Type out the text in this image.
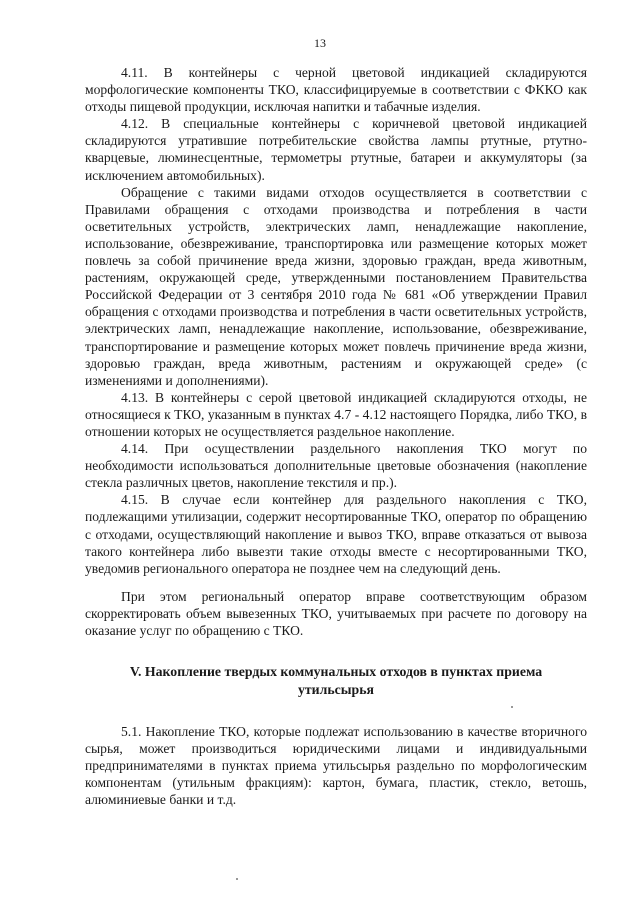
13

4.11. В контейнеры с черной цветовой индикацией складируются морфологические компоненты ТКО, классифицируемые в соответствии с ФККО как отходы пищевой продукции, исключая напитки и табачные изделия.

4.12. В специальные контейнеры с коричневой цветовой индикацией складируются утратившие потребительские свойства лампы ртутные, ртутно-кварцевые, люминесцентные, термометры ртутные, батареи и аккумуляторы (за исключением автомобильных).

Обращение с такими видами отходов осуществляется в соответствии с Правилами обращения с отходами производства и потребления в части осветительных устройств, электрических ламп, ненадлежащие накопление, использование, обезвреживание, транспортировка или размещение которых может повлечь за собой причинение вреда жизни, здоровью граждан, вреда животным, растениям, окружающей среде, утвержденными постановлением Правительства Российской Федерации от 3 сентября 2010 года № 681 «Об утверждении Правил обращения с отходами производства и потребления в части осветительных устройств, электрических ламп, ненадлежащие накопление, использование, обезвреживание, транспортирование и размещение которых может повлечь причинение вреда жизни, здоровью граждан, вреда животным, растениям и окружающей среде» (с изменениями и дополнениями).

4.13. В контейнеры с серой цветовой индикацией складируются отходы, не относящиеся к ТКО, указанным в пунктах 4.7 - 4.12 настоящего Порядка, либо ТКО, в отношении которых не осуществляется раздельное накопление.

4.14. При осуществлении раздельного накопления ТКО могут по необходимости использоваться дополнительные цветовые обозначения (накопление стекла различных цветов, накопление текстиля и пр.).

4.15. В случае если контейнер для раздельного накопления с ТКО, подлежащими утилизации, содержит несортированные ТКО, оператор по обращению с отходами, осуществляющий накопление и вывоз ТКО, вправе отказаться от вывоза такого контейнера либо вывезти такие отходы вместе с несортированными ТКО, уведомив регионального оператора не позднее чем на следующий день.

При этом региональный оператор вправе соответствующим образом скорректировать объем вывезенных ТКО, учитываемых при расчете по договору на оказание услуг по обращению с ТКО.

V. Накопление твердых коммунальных отходов в пунктах приема утильсырья

5.1. Накопление ТКО, которые подлежат использованию в качестве вторичного сырья, может производиться юридическими лицами и индивидуальными предпринимателями в пунктах приема утильсырья раздельно по морфологическим компонентам (утильным фракциям): картон, бумага, пластик, стекло, ветошь, алюминиевые банки и т.д.
